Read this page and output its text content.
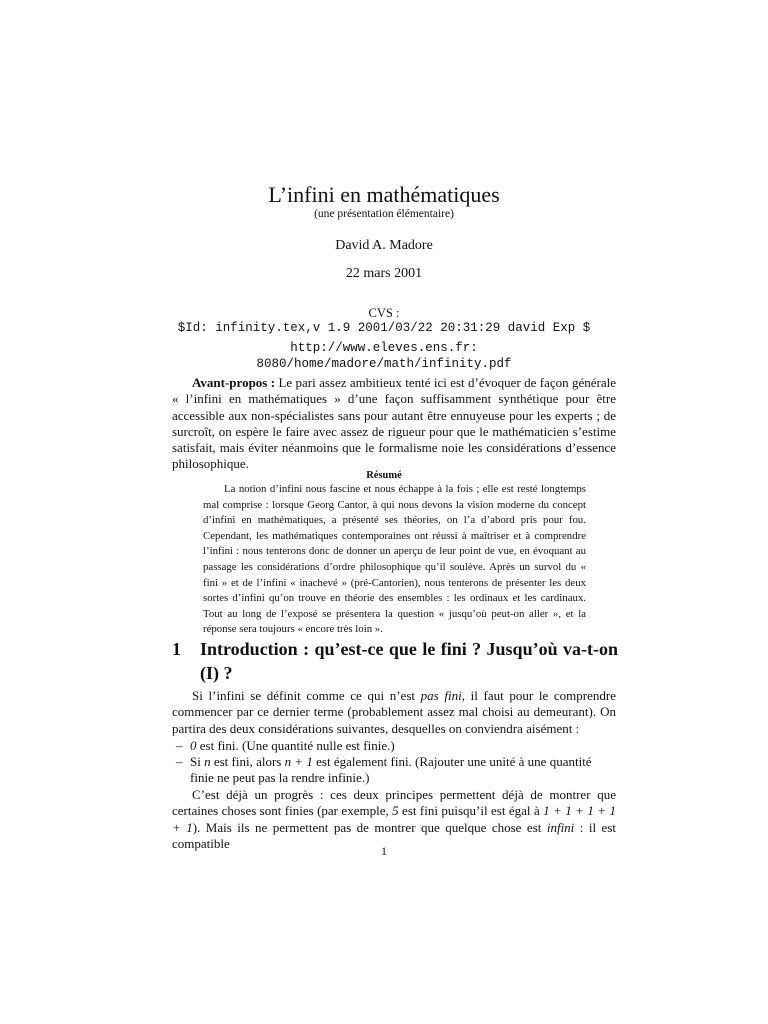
L’infini en mathématiques
(une présentation élémentaire)
David A. Madore
22 mars 2001
CVS :
$Id: infinity.tex,v 1.9 2001/03/22 20:31:29 david Exp $
http://www.eleves.ens.fr:
8080/home/madore/math/infinity.pdf
Avant-propos : Le pari assez ambitieux tenté ici est d’évoquer de façon générale « l’infini en mathématiques » d’une façon suffisamment synthétique pour être accessible aux non-spécialistes sans pour autant être ennuyeuse pour les experts ; de surcroît, on espère le faire avec assez de rigueur pour que le mathématicien s’estime satisfait, mais éviter néanmoins que le formalisme noie les considérations d’essence philosophique.
Résumé
La notion d’infini nous fascine et nous échappe à la fois ; elle est resté longtemps mal comprise : lorsque Georg Cantor, à qui nous devons la vision moderne du concept d’infini en mathématiques, a présenté ses théories, on l’a d’abord pris pour fou. Cependant, les mathématiques contemporaines ont réussi à maîtriser et à comprendre l’infini : nous tenterons donc de donner un aperçu de leur point de vue, en évoquant au passage les considérations d’ordre philosophique qu’il soulève. Après un survol du « fini » et de l’infini « inachevé » (pré-Cantorien), nous tenterons de présenter les deux sortes d’infini qu’on trouve en théorie des ensembles : les ordinaux et les cardinaux. Tout au long de l’exposé se présentera la question « jusqu’où peut-on aller », et la réponse sera toujours « encore très loin ».
1 Introduction : qu’est-ce que le fini ? Jusqu’où va-t-on (I) ?
Si l’infini se définit comme ce qui n’est pas fini, il faut pour le comprendre commencer par ce dernier terme (probablement assez mal choisi au demeurant). On partira des deux considérations suivantes, desquelles on conviendra aisément :
– 0 est fini. (Une quantité nulle est finie.)
– Si n est fini, alors n + 1 est également fini. (Rajouter une unité à une quantité finie ne peut pas la rendre infinie.)
C’est déjà un progrès : ces deux principes permettent déjà de montrer que certaines choses sont finies (par exemple, 5 est fini puisqu’il est égal à 1 + 1 + 1 + 1 + 1). Mais ils ne permettent pas de montrer que quelque chose est infini : il est compatible
1
